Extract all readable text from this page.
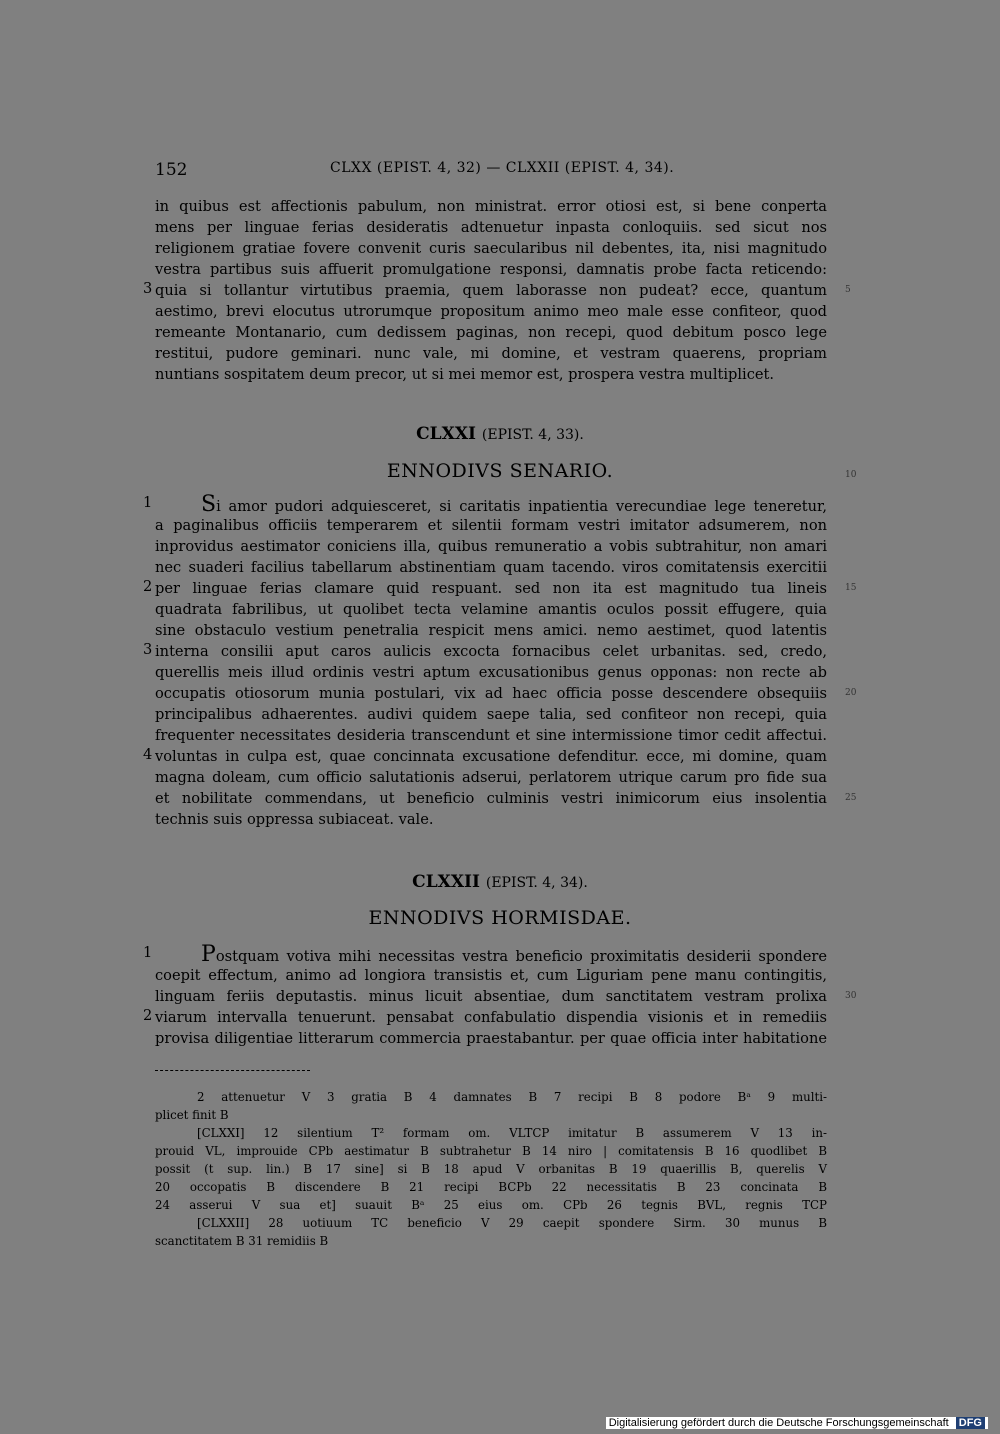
152	CLXX (EPIST. 4, 32) — CLXXII (EPIST. 4, 34).
in quibus est affectionis pabulum, non ministrat. error otiosi est, si bene conperta
mens per linguae ferias desideratis adtenuetur inpasta conloquiis. sed sicut nos
religionem gratiae fovere convenit curis saecularibus nil debentes, ita, nisi magnitudo
vestra partibus suis affuerit promulgatione responsi, damnatis probe facta reticendo:
quia si tollantur virtutibus praemia, quem laborasse non pudeat? ecce, quantum
aestimo, brevi elocutus utrorumque propositum animo meo male esse confiteor, quod
remeante Montanario, cum dedissem paginas, non recepi, quod debitum posco lege
restitui, pudore geminari. nunc vale, mi domine, et vestram quaerens, propriam
nuntians sospitatem deum precor, ut si mei memor est, prospera vestra multiplicet.
3	5
CLXXI (EPIST. 4, 33).
ENNODIVS SENARIO.	10
Si amor pudori adquiesceret, si caritatis inpatientia verecundiae lege teneretur,
a paginalibus officiis temperarem et silentii formam vestri imitator adsumerem, non
inprovidus aestimator coniciens illa, quibus remuneratio a vobis subtrahitur, non amari
nec suaderi facilius tabellarum abstinentiam quam tacendo. viros comitatensis exercitii
per linguae ferias clamare quid respuant. sed non ita est magnitudo tua lineis
quadrata fabrilibus, ut quolibet tecta velamine amantis oculos possit effugere, quia
sine obstaculo vestium penetralia respicit mens amici. nemo aestimet, quod latentis
interna consilii aput caros aulicis excocta fornacibus celet urbanitas. sed, credo,
querellis meis illud ordinis vestri aptum excusationibus genus opponas: non recte ab
occupatis otiosorum munia postulari, vix ad haec officia posse descendere obsequiis
principalibus adhaerentes. audivi quidem saepe talia, sed confiteor non recepi, quia
frequenter necessitates desideria transcendunt et sine intermissione timor cedit affectui.
voluntas in culpa est, quae concinnata excusatione defenditur. ecce, mi domine, quam
magna doleam, cum officio salutationis adserui, perlatorem utrique carum pro fide sua
et nobilitate commendans, ut beneficio culminis vestri inimicorum eius insolentia
technis suis oppressa subiaceat. vale.
1
2
3
4
15
20
25
CLXXII (EPIST. 4, 34).
ENNODIVS HORMISDAE.
Postquam votiva mihi necessitas vestra beneficio proximitatis desiderii spondere
coepit effectum, animo ad longiora transistis et, cum Liguriam pene manu contingitis,
linguam feriis deputastis. minus licuit absentiae, dum sanctitatem vestram prolixa
viarum intervalla tenuerunt. pensabat confabulatio dispendia visionis et in remediis
provisa diligentiae litterarum commercia praestabantur. per quae officia inter habitatione
1
2
30
2 attenuetur V 3 gratia B 4 damnates B 7 recipi B 8 podore Bᵃ 9 multi-
plicet finit B
[CLXXI] 12 silentium T² formam om. VLTCP imitatur B assumerem V 13 in-
prouid VL, improuide CPb aestimatur B subtrahetur B 14 niro | comitatensis B 16 quodlibet B
possit (t sup. lin.) B 17 sine] si B 18 apud V orbanitas B 19 quaerillis B, querelis V
20 occopatis B discendere B 21 recipi BCPb 22 necessitatis B 23 concinata B
24 asserui V sua et] suauit Bᵃ 25 eius om. CPb 26 tegnis BVL, regnis TCP
[CLXXII] 28 uotiuum TC beneficio V 29 caepit spondere Sirm. 30 munus B
scanctitatem B 31 remidiis B
Digitalisierung gefördert durch die Deutsche Forschungsgemeinschaft DFG
